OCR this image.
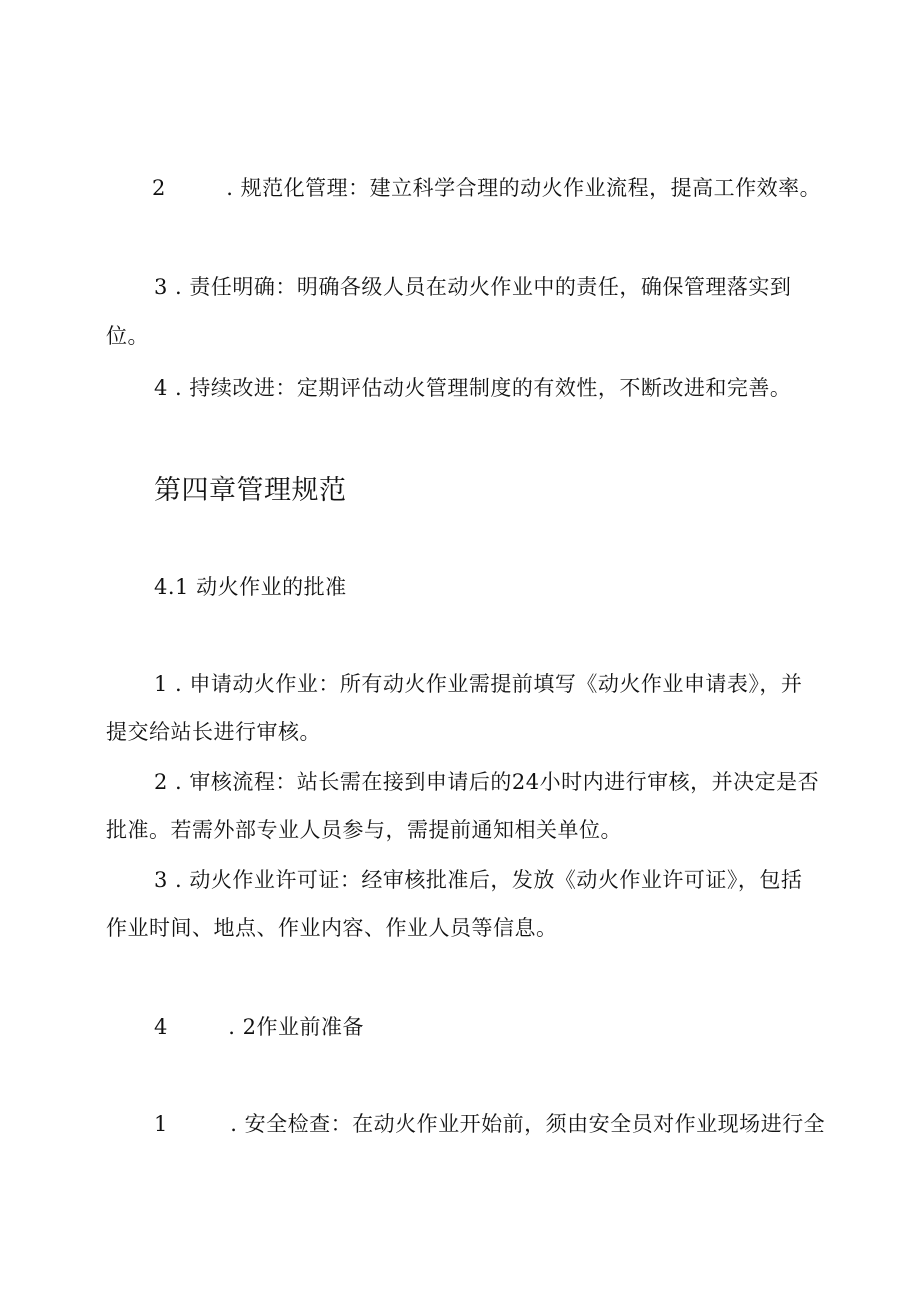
2	. 规范化管理：建立科学合理的动火作业流程，提高工作效率。
3 . 责任明确：明确各级人员在动火作业中的责任，确保管理落实到
位。
4 . 持续改进：定期评估动火管理制度的有效性，不断改进和完善。
第四章管理规范
4.1 动火作业的批准
1 . 申请动火作业：所有动火作业需提前填写《动火作业申请表》，并
提交给站长进行审核。
2 . 审核流程：站长需在接到申请后的24小时内进行审核，并决定是否
批准。若需外部专业人员参与，需提前通知相关单位。
3 . 动火作业许可证：经审核批准后，发放《动火作业许可证》，包括
作业时间、地点、作业内容、作业人员等信息。
4	. 2作业前准备
1	. 安全检查：在动火作业开始前，须由安全员对作业现场进行全
